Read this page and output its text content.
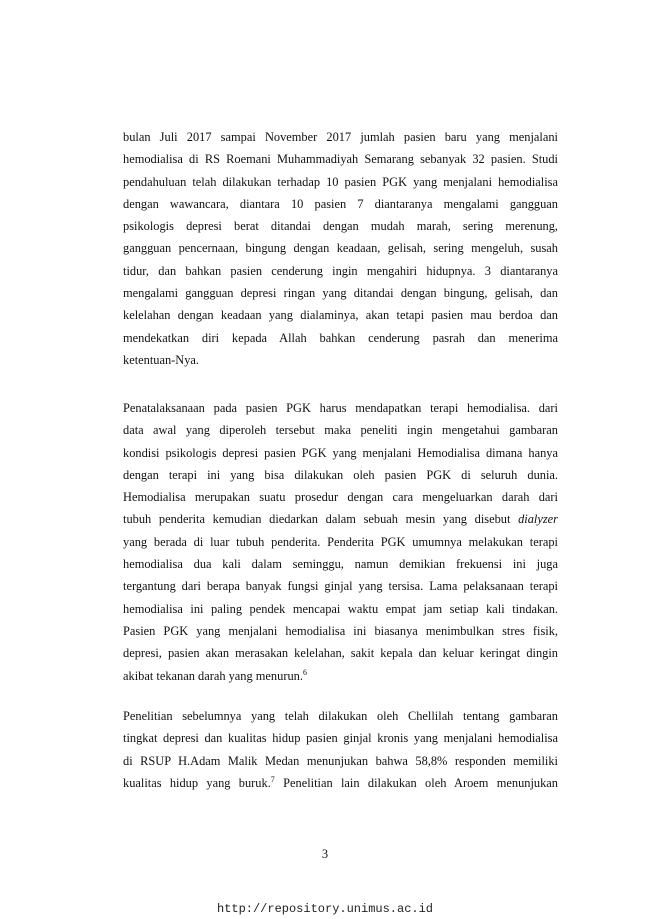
bulan Juli 2017 sampai November 2017 jumlah pasien baru yang menjalani
hemodialisa di RS Roemani Muhammadiyah Semarang sebanyak 32 pasien. Studi
pendahuluan telah dilakukan terhadap 10 pasien PGK yang menjalani hemodialisa
dengan wawancara, diantara 10 pasien 7 diantaranya mengalami gangguan
psikologis depresi berat ditandai dengan mudah marah, sering merenung,
gangguan pencernaan, bingung dengan keadaan, gelisah, sering mengeluh, susah
tidur, dan bahkan pasien cenderung ingin mengahiri hidupnya. 3 diantaranya
mengalami gangguan depresi ringan yang ditandai dengan bingung, gelisah, dan
kelelahan dengan keadaan yang dialaminya, akan tetapi pasien mau berdoa dan
mendekatkan diri kepada Allah bahkan cenderung pasrah dan menerima
ketentuan-Nya.
Penatalaksanaan pada pasien PGK harus mendapatkan terapi hemodialisa. dari
data awal yang diperoleh tersebut maka peneliti ingin mengetahui gambaran
kondisi psikologis depresi pasien PGK yang menjalani Hemodialisa dimana hanya
dengan terapi ini yang bisa dilakukan oleh pasien PGK di seluruh dunia.
Hemodialisa merupakan suatu prosedur dengan cara mengeluarkan darah dari
tubuh penderita kemudian diedarkan dalam sebuah mesin yang disebut dialyzer
yang berada di luar tubuh penderita. Penderita PGK umumnya melakukan terapi
hemodialisa dua kali dalam seminggu, namun demikian frekuensi ini juga
tergantung dari berapa banyak fungsi ginjal yang tersisa. Lama pelaksanaan terapi
hemodialisa ini paling pendek mencapai waktu empat jam setiap kali tindakan.
Pasien PGK yang menjalani hemodialisa ini biasanya menimbulkan stres fisik,
depresi, pasien akan merasakan kelelahan, sakit kepala dan keluar keringat dingin
akibat tekanan darah yang menurun.$^6$
Penelitian sebelumnya yang telah dilakukan oleh Chellilah tentang gambaran
tingkat depresi dan kualitas hidup pasien ginjal kronis yang menjalani hemodialisa
di RSUP H.Adam Malik Medan menunjukan bahwa 58,8% responden memiliki
kualitas hidup yang buruk.$^7$ Penelitian lain dilakukan oleh Aroem menunjukan
3
http://repository.unimus.ac.id
